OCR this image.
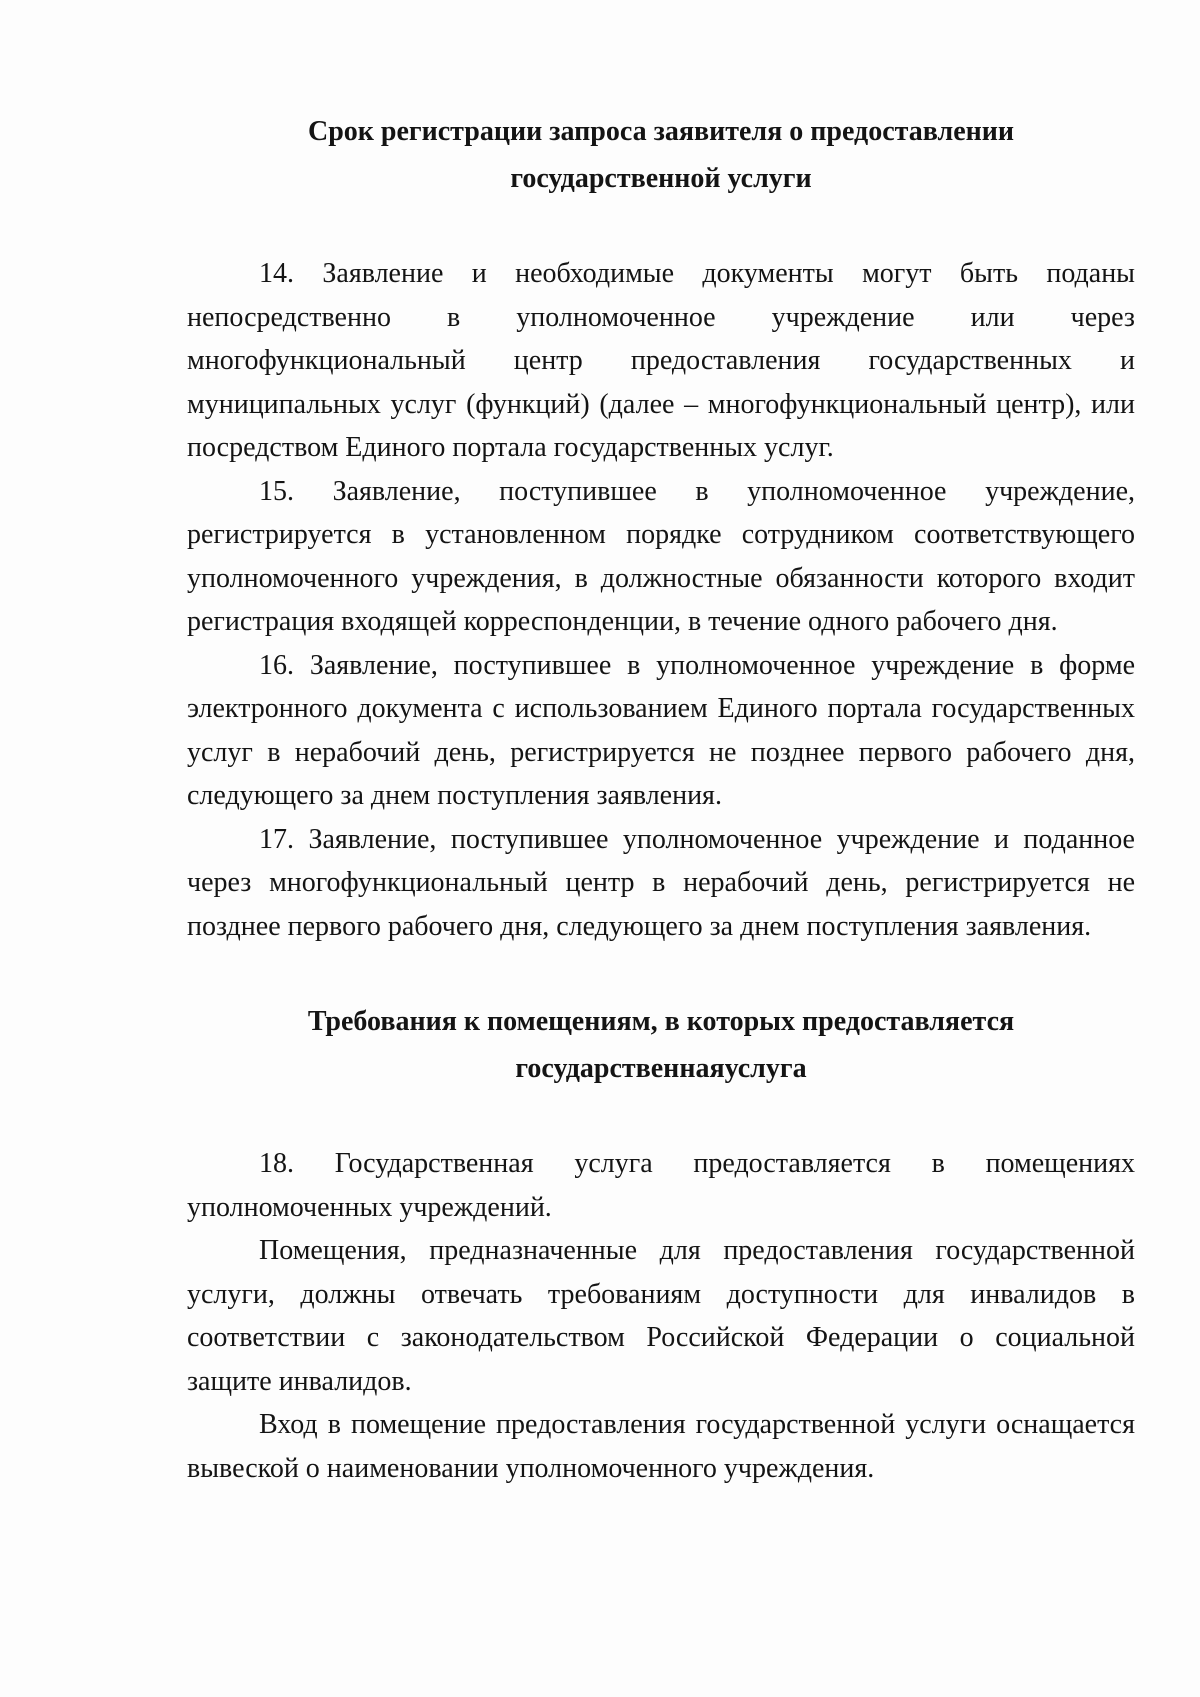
Срок регистрации запроса заявителя о предоставлении
государственной услуги

14. Заявление и необходимые документы могут быть поданы непосредственно в уполномоченное учреждение или через многофункциональный центр предоставления государственных и муниципальных услуг (функций) (далее – многофункциональный центр), или посредством Единого портала государственных услуг.

15. Заявление, поступившее в уполномоченное учреждение, регистрируется в установленном порядке сотрудником соответствующего уполномоченного учреждения, в должностные обязанности которого входит регистрация входящей корреспонденции, в течение одного рабочего дня.

16. Заявление, поступившее в уполномоченное учреждение в форме электронного документа с использованием Единого портала государственных услуг в нерабочий день, регистрируется не позднее первого рабочего дня, следующего за днем поступления заявления.

17. Заявление, поступившее уполномоченное учреждение и поданное через многофункциональный центр в нерабочий день, регистрируется не позднее первого рабочего дня, следующего за днем поступления заявления.

Требования к помещениям, в которых предоставляется
государственнаяуслуга

18. Государственная услуга предоставляется в помещениях уполномоченных учреждений.

Помещения, предназначенные для предоставления государственной услуги, должны отвечать требованиям доступности для инвалидов в соответствии с законодательством Российской Федерации о социальной защите инвалидов.

Вход в помещение предоставления государственной услуги оснащается вывеской о наименовании уполномоченного учреждения.
